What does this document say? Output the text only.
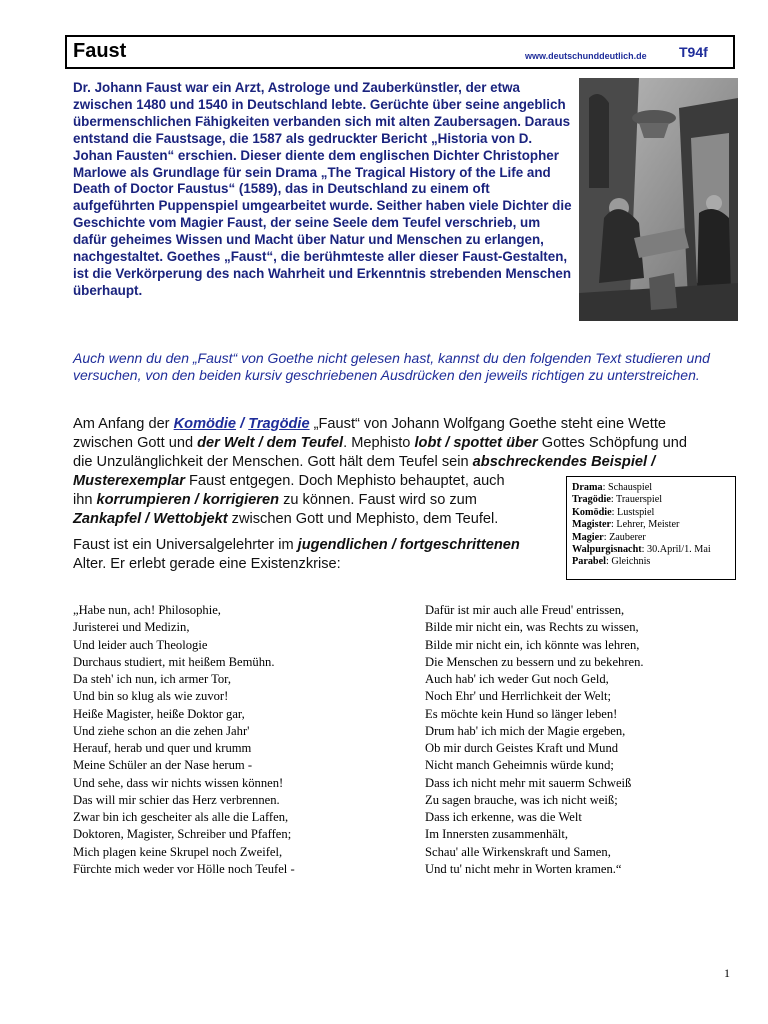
Faust	www.deutschunddeutlich.de T94f
Dr. Johann Faust war ein Arzt, Astrologe und Zauberkünstler, der etwa zwischen 1480 und 1540 in Deutschland lebte. Gerüchte über seine angeblich übermenschlichen Fähigkeiten verbanden sich mit alten Zaubersagen. Daraus entstand die Faustsage, die 1587 als gedruckter Bericht „Historia von D. Johan Fausten“ erschien. Dieser diente dem englischen Dichter Christopher Marlowe als Grundlage für sein Drama „The Tragical History of the Life and Death of Doctor Faustus“ (1589), das in Deutschland zu einem oft aufgeführten Puppenspiel umgearbeitet wurde. Seither haben viele Dichter die Geschichte vom Magier Faust, der seine Seele dem Teufel verschrieb, um dafür geheimes Wissen und Macht über Natur und Menschen zu erlangen, nachgestaltet. Goethes „Faust“, die berühmteste aller dieser Faust-Gestalten, ist die Verkörperung des nach Wahrheit und Erkenntnis strebenden Menschen überhaupt.
Auch wenn du den „Faust“ von Goethe nicht gelesen hast, kannst du den folgenden Text studieren und versuchen, von den beiden kursiv geschriebenen Ausdrücken den jeweils richtigen zu unterstreichen.
Am Anfang der Komödie / Tragödie „Faust“ von Johann Wolfgang Goethe steht eine Wette
zwischen Gott und der Welt / dem Teufel. Mephisto lobt / spottet über Gottes Schöpfung und
die Unzulänglichkeit der Menschen. Gott hält dem Teufel sein abschreckendes Beispiel /
Musterexemplar Faust entgegen. Doch Mephisto behauptet, auch
ihn korrumpieren / korrigieren zu können. Faust wird so zum
Zankapfel / Wettobjekt zwischen Gott und Mephisto, dem Teufel.
Faust ist ein Universalgelehrter im jugendlichen / fortgeschrittenen
Alter. Er erlebt gerade eine Existenzkrise:
Drama: Schauspiel
Tragödie: Trauerspiel
Komödie: Lustspiel
Magister: Lehrer, Meister
Magier: Zauberer
Walpurgisnacht: 30.April/1. Mai
Parabel: Gleichnis
„Habe nun, ach! Philosophie,
Juristerei und Medizin,
Und leider auch Theologie
Durchaus studiert, mit heißem Bemühn.
Da steh' ich nun, ich armer Tor,
Und bin so klug als wie zuvor!
Heiße Magister, heiße Doktor gar,
Und ziehe schon an die zehen Jahr'
Herauf, herab und quer und krumm
Meine Schüler an der Nase herum -
Und sehe, dass wir nichts wissen können!
Das will mir schier das Herz verbrennen.
Zwar bin ich gescheiter als alle die Laffen,
Doktoren, Magister, Schreiber und Pfaffen;
Mich plagen keine Skrupel noch Zweifel,
Fürchte mich weder vor Hölle noch Teufel -
Dafür ist mir auch alle Freud' entrissen,
Bilde mir nicht ein, was Rechts zu wissen,
Bilde mir nicht ein, ich könnte was lehren,
Die Menschen zu bessern und zu bekehren.
Auch hab' ich weder Gut noch Geld,
Noch Ehr' und Herrlichkeit der Welt;
Es möchte kein Hund so länger leben!
Drum hab' ich mich der Magie ergeben,
Ob mir durch Geistes Kraft und Mund
Nicht manch Geheimnis würde kund;
Dass ich nicht mehr mit sauerm Schweiß
Zu sagen brauche, was ich nicht weiß;
Dass ich erkenne, was die Welt
Im Innersten zusammenhält,
Schau' alle Wirkenskraft und Samen,
Und tu' nicht mehr in Worten kramen.“
1
